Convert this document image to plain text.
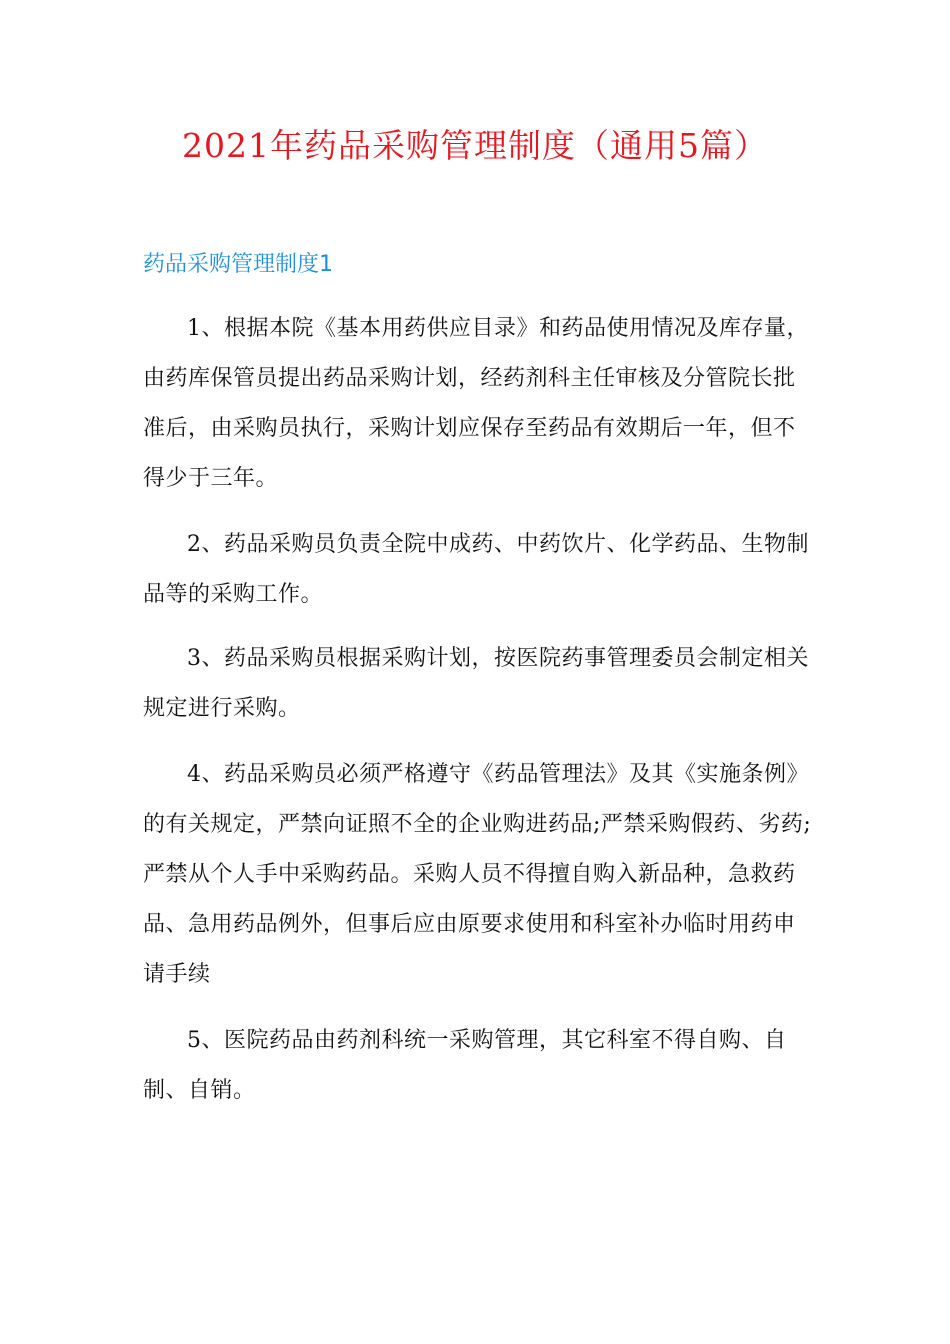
2021年药品采购管理制度（通用5篇）
药品采购管理制度1

1、根据本院《基本用药供应目录》和药品使用情况及库存量，由药库保管员提出药品采购计划，经药剂科主任审核及分管院长批准后，由采购员执行，采购计划应保存至药品有效期后一年，但不得少于三年。

2、药品采购员负责全院中成药、中药饮片、化学药品、生物制品等的采购工作。

3、药品采购员根据采购计划，按医院药事管理委员会制定相关规定进行采购。

4、药品采购员必须严格遵守《药品管理法》及其《实施条例》的有关规定，严禁向证照不全的企业购进药品;严禁采购假药、劣药;严禁从个人手中采购药品。采购人员不得擅自购入新品种，急救药品、急用药品例外，但事后应由原要求使用和科室补办临时用药申请手续

5、医院药品由药剂科统一采购管理，其它科室不得自购、自制、自销。
